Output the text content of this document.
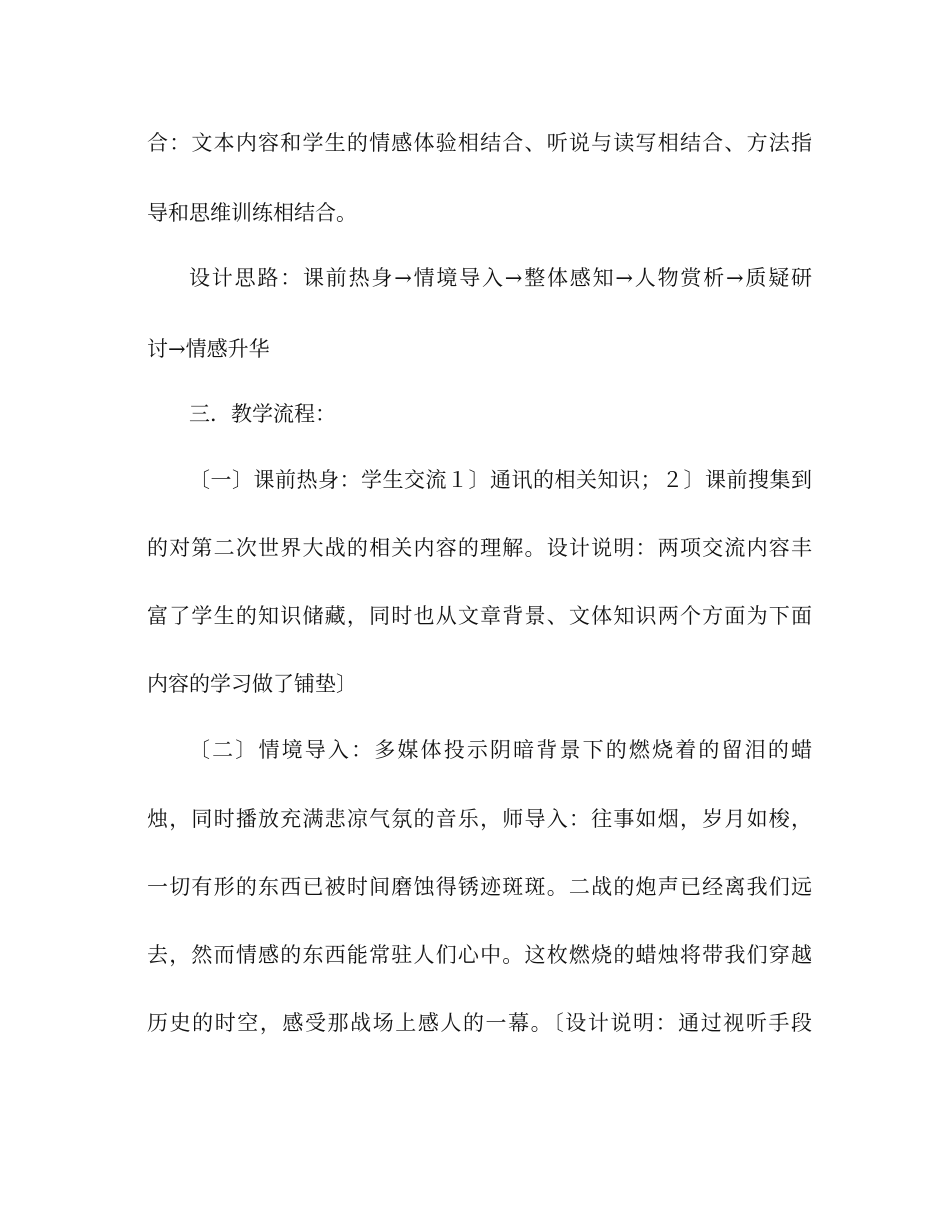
合：文本内容和学生的情感体验相结合、听说与读写相结合、方法指
导和思维训练相结合。
设计思路：课前热身→情境导入→整体感知→人物赏析→质疑研
讨→情感升华
三．教学流程：
〔一〕课前热身：学生交流１〕通讯的相关知识；２〕课前搜集到
的对第二次世界大战的相关内容的理解。设计说明：两项交流内容丰
富了学生的知识储藏，同时也从文章背景、文体知识两个方面为下面
内容的学习做了铺垫〕
〔二〕情境导入：多媒体投示阴暗背景下的燃烧着的留泪的蜡
烛，同时播放充满悲凉气氛的音乐，师导入：往事如烟，岁月如梭，
一切有形的东西已被时间磨蚀得锈迹斑斑。二战的炮声已经离我们远
去，然而情感的东西能常驻人们心中。这枚燃烧的蜡烛将带我们穿越
历史的时空，感受那战场上感人的一幕。〔设计说明：通过视听手段
